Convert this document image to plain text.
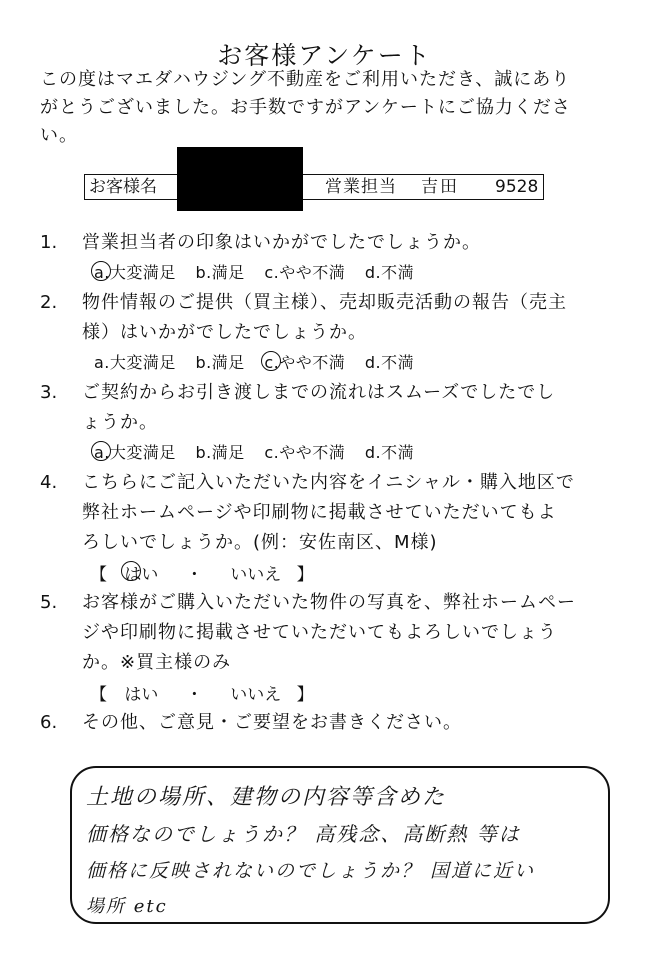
お客様アンケート
この度はマエダハウジング不動産をご利用いただき、誠にあり
がとうございました。お手数ですがアンケートにご協力くださ
い。
お客様名	営業担当 吉田 9528
1. 営業担当者の印象はいかがでしたでしょうか。
a.大変満足 b.満足 c.やや不満 d.不満
2. 物件情報のご提供（買主様）、売却販売活動の報告（売主
様）はいかがでしたでしょうか。
a.大変満足 b.満足 c.やや不満 d.不満
3. ご契約からお引き渡しまでの流れはスムーズでしたでし
ょうか。
a.大変満足 b.満足 c.やや不満 d.不満
4. こちらにご記入いただいた内容をイニシャル・購入地区で
弊社ホームページや印刷物に掲載させていただいてもよ
ろしいでしょうか。(例：安佐南区、M様)
【 はい ・ いいえ 】
5. お客様がご購入いただいた物件の写真を、弊社ホームペー
ジや印刷物に掲載させていただいてもよろしいでしょう
か。※買主様のみ
【 はい ・ いいえ 】
6. その他、ご意見・ご要望をお書きください。
土地の場所、建物の内容等含めた
価格なのでしょうか？ 高残念、高断熱 等は
価格に反映されないのでしょうか？ 国道に近い
場所 etc
